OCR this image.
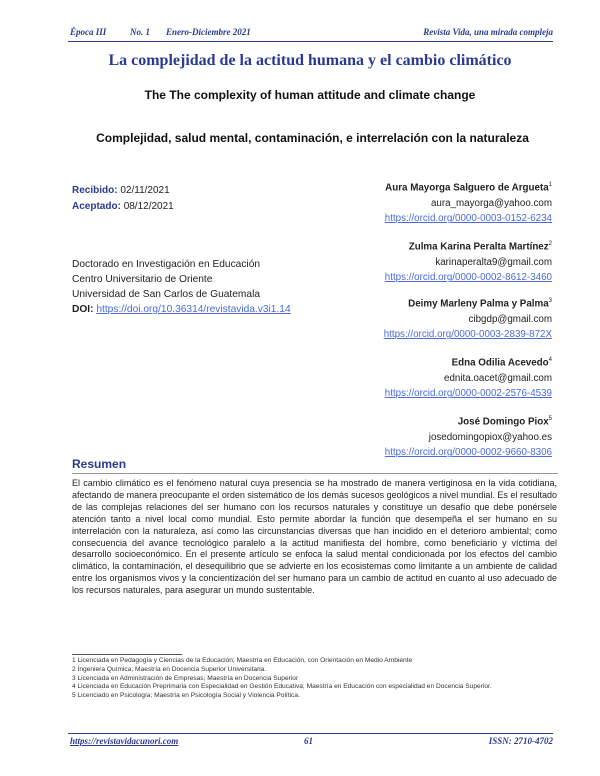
Época III	No. 1 Enero-Diciembre 2021	Revista Vida, una mirada compleja
La complejidad de la actitud humana y el cambio climático
The The complexity of human attitude and climate change
Complejidad, salud mental, contaminación, e interrelación con la naturaleza
Recibido: 02/11/2021
Aceptado: 08/12/2021
Doctorado en Investigación en Educación
Centro Universitario de Oriente
Universidad de San Carlos de Guatemala
DOI: https://doi.org/10.36314/revistavida.v3i1.14
Aura Mayorga Salguero de Argueta$^1$
aura_mayorga@yahoo.com
https://orcid.org/0000-0003-0152-6234
Zulma Karina Peralta Martínez$^2$
karinaperalta9@gmail.com
https://orcid.org/0000-0002-8612-3460
Deimy Marleny Palma y Palma$^3$
cibgdp@gmail.com
https://orcid.org/0000-0003-2839-872X
Edna Odilia Acevedo$^4$
ednita.oacet@gmail.com
https://orcid.org/0000-0002-2576-4539
José Domingo Piox$^5$
josedomingopiox@yahoo.es
https://orcid.org/0000-0002-9660-8306
Resumen
El cambio climático es el fenómeno natural cuya presencia se ha mostrado de manera vertiginosa en la vida cotidiana, afectando de manera preocupante el orden sistemático de los demás sucesos geológicos a nivel mundial. Es el resultado de las complejas relaciones del ser humano con los recursos naturales y constituye un desafío que debe ponérsele atención tanto a nivel local como mundial. Esto permite abordar la función que desempeña el ser humano en su interrelación con la naturaleza, así como las circunstancias diversas que han incidido en el deterioro ambiental; como consecuencia del avance tecnológico paralelo a la actitud manifiesta del hombre, como beneficiario y víctima del desarrollo socioeconómico. En el presente artículo se enfoca la salud mental condicionada por los efectos del cambio climático, la contaminación, el desequilibrio que se advierte en los ecosistemas como limitante a un ambiente de calidad entre los organismos vivos y la concientización del ser humano para un cambio de actitud en cuanto al uso adecuado de los recursos naturales, para asegurar un mundo sustentable.
1 Licenciada en Pedagogía y Ciencias de la Educación; Maestría en Educación, con Orientación en Medio Ambiente
2 Ingeniera Química; Maestría en Docencia Superior Universitaria.
3 Licenciada en Administración de Empresas; Maestría en Docencia Superior
4 Licenciada en Educación Preprimaria con Especialidad en Gestión Educativa; Maestría en Educación con especialidad en Docencia Superior.
5 Licenciado en Psicología; Maestría en Psicología Social y Violencia Política.
https://revistavidacunori.com	61	ISSN: 2710-4702
